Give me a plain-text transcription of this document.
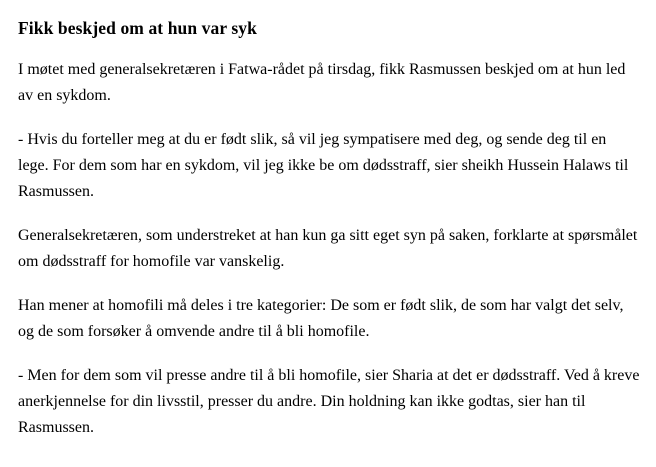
Fikk beskjed om at hun var syk

I møtet med generalsekretæren i Fatwa-rådet på tirsdag, fikk Rasmussen beskjed om at hun led av en sykdom.

- Hvis du forteller meg at du er født slik, så vil jeg sympatisere med deg, og sende deg til en lege. For dem som har en sykdom, vil jeg ikke be om dødsstraff, sier sheikh Hussein Halaws til Rasmussen.

Generalsekretæren, som understreket at han kun ga sitt eget syn på saken, forklarte at spørsmålet om dødsstraff for homofile var vanskelig.

Han mener at homofili må deles i tre kategorier: De som er født slik, de som har valgt det selv, og de som forsøker å omvende andre til å bli homofile.

- Men for dem som vil presse andre til å bli homofile, sier Sharia at det er dødsstraff. Ved å kreve anerkjennelse for din livsstil, presser du andre. Din holdning kan ikke godtas, sier han til Rasmussen.
